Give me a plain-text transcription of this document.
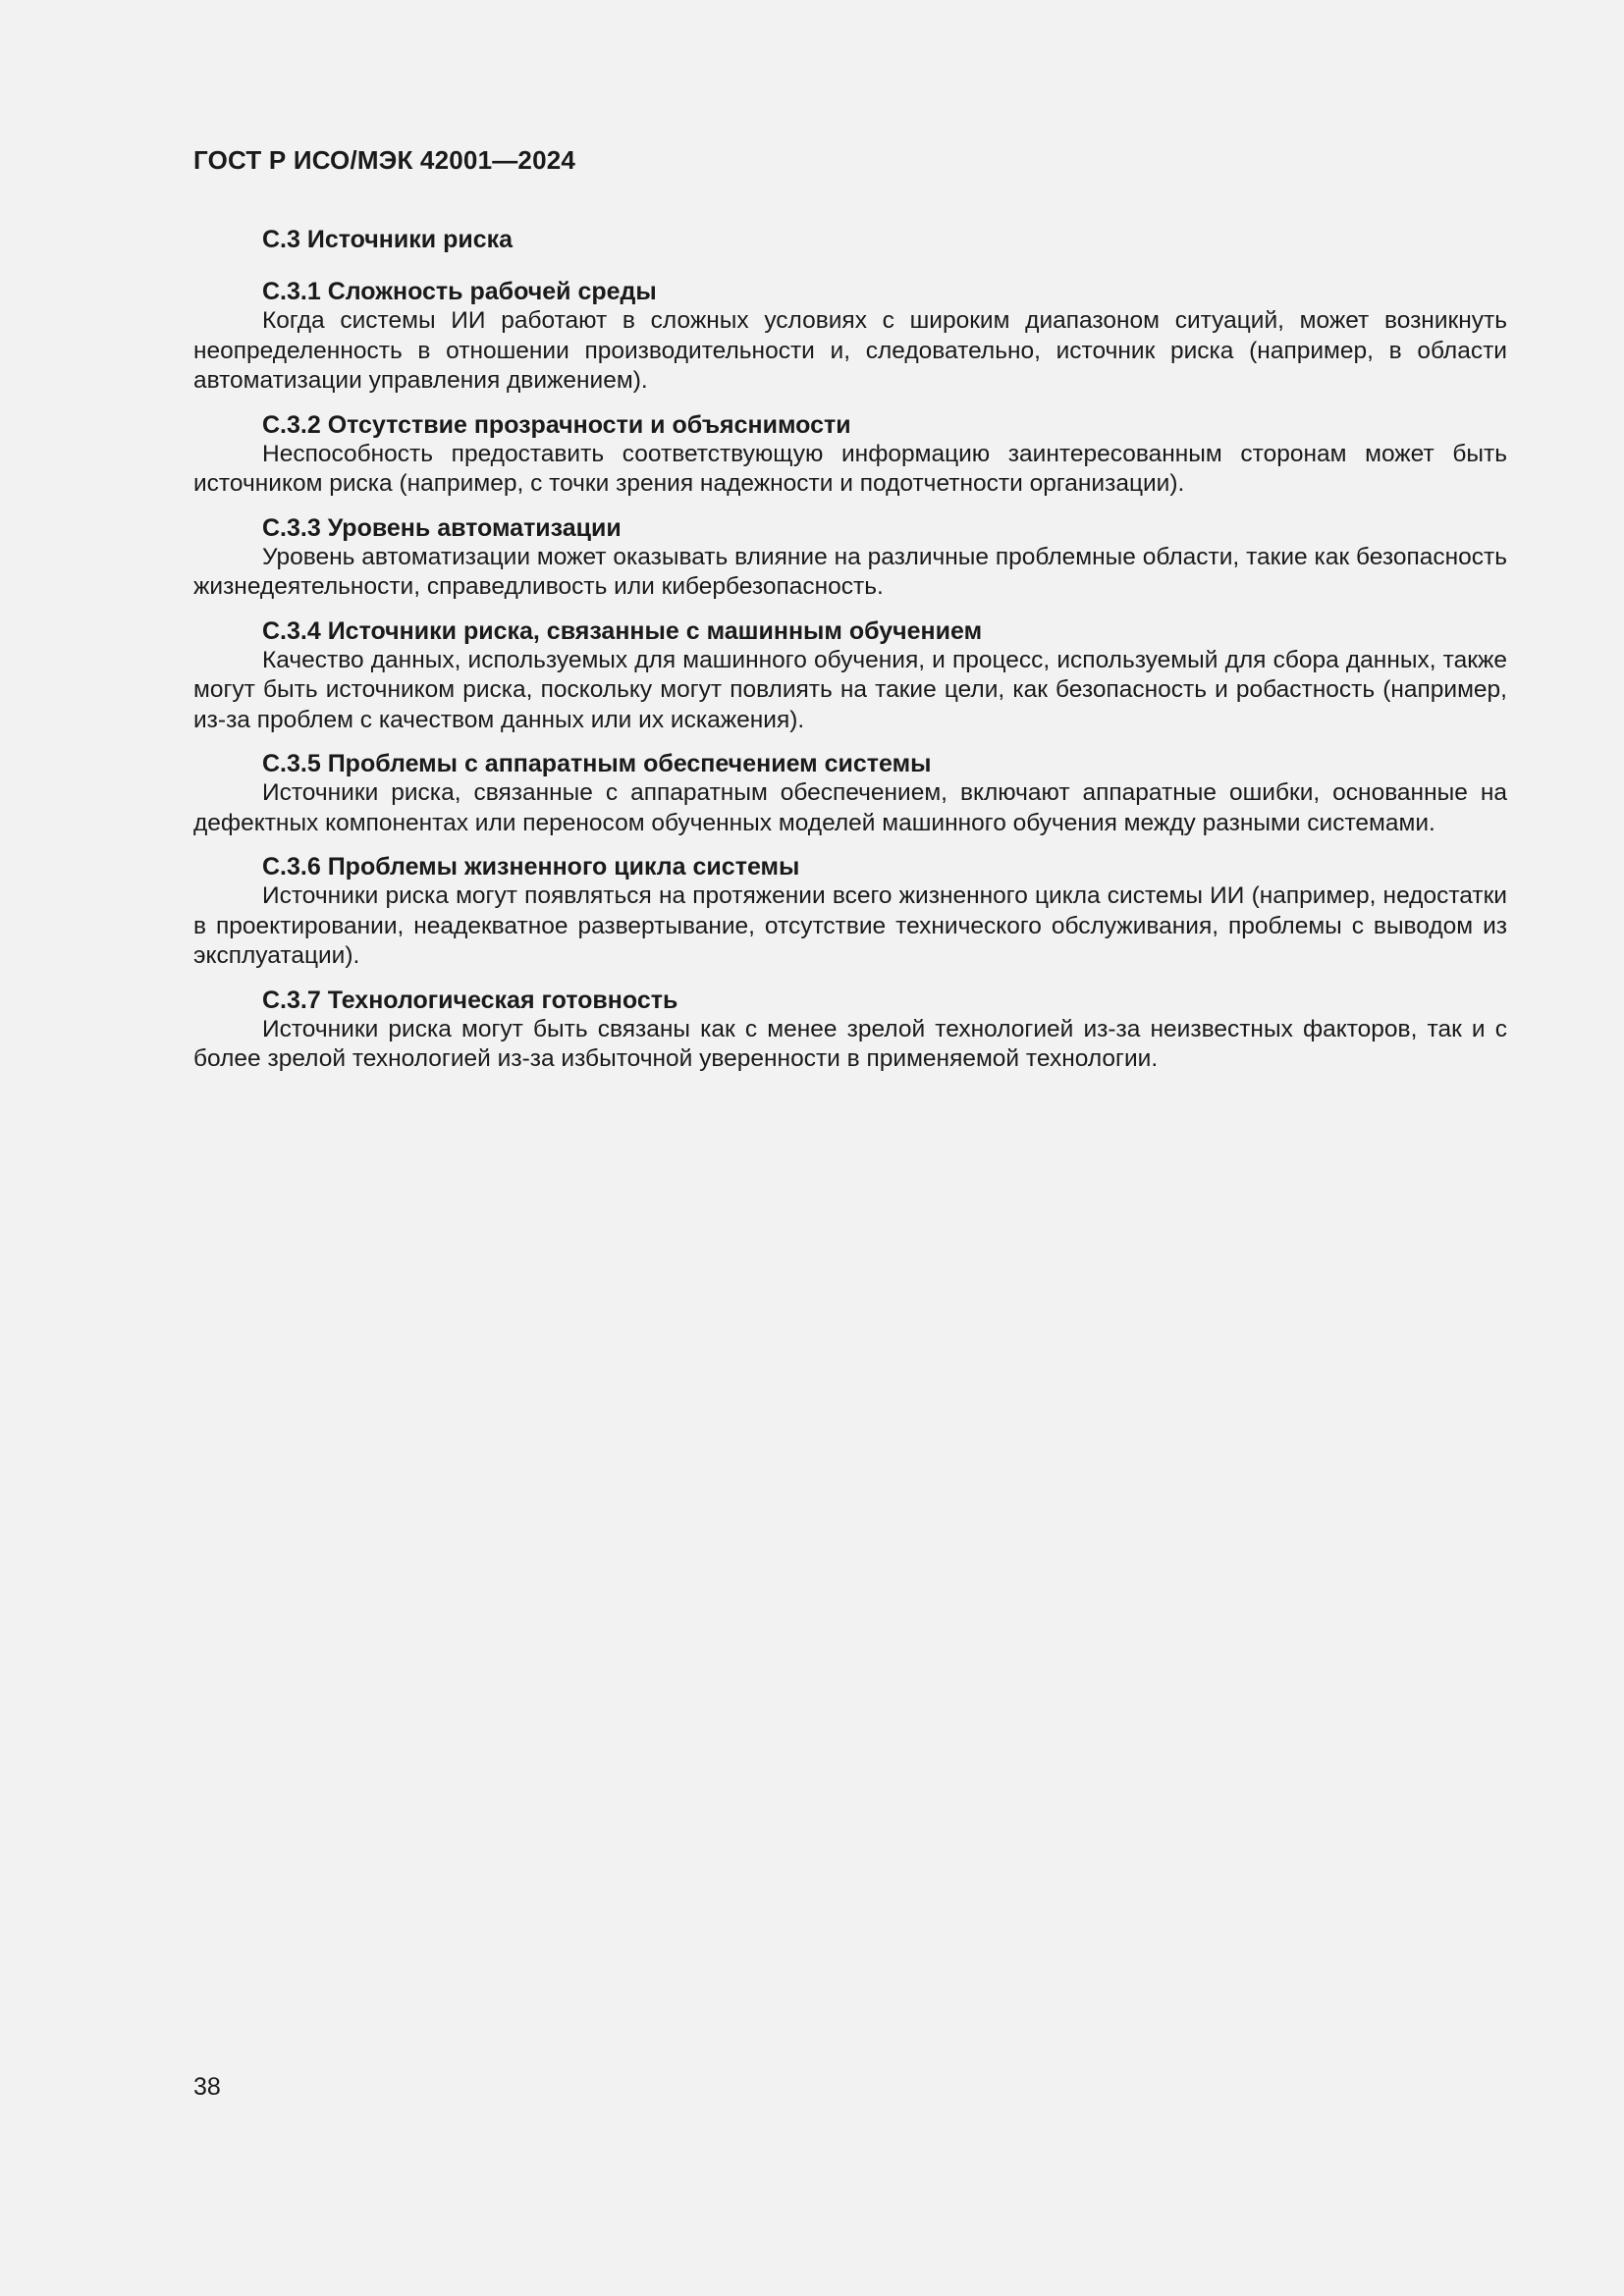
ГОСТ Р ИСО/МЭК 42001—2024
C.3 Источники риска
C.3.1 Сложность рабочей среды

Когда системы ИИ работают в сложных условиях с широким диапазоном ситуаций, может возникнуть неопределенность в отношении производительности и, следовательно, источник риска (например, в области автоматизации управления движением).

C.3.2 Отсутствие прозрачности и объяснимости

Неспособность предоставить соответствующую информацию заинтересованным сторонам может быть источником риска (например, с точки зрения надежности и подотчетности организации).

C.3.3 Уровень автоматизации

Уровень автоматизации может оказывать влияние на различные проблемные области, такие как безопасность жизнедеятельности, справедливость или кибербезопасность.

C.3.4 Источники риска, связанные с машинным обучением

Качество данных, используемых для машинного обучения, и процесс, используемый для сбора данных, также могут быть источником риска, поскольку могут повлиять на такие цели, как безопасность и робастность (например, из-за проблем с качеством данных или их искажения).

C.3.5 Проблемы с аппаратным обеспечением системы

Источники риска, связанные с аппаратным обеспечением, включают аппаратные ошибки, основанные на дефектных компонентах или переносом обученных моделей машинного обучения между разными системами.

C.3.6 Проблемы жизненного цикла системы

Источники риска могут появляться на протяжении всего жизненного цикла системы ИИ (например, недостатки в проектировании, неадекватное развертывание, отсутствие технического обслуживания, проблемы с выводом из эксплуатации).

C.3.7 Технологическая готовность

Источники риска могут быть связаны как с менее зрелой технологией из-за неизвестных факторов, так и с более зрелой технологией из-за избыточной уверенности в применяемой технологии.

38
